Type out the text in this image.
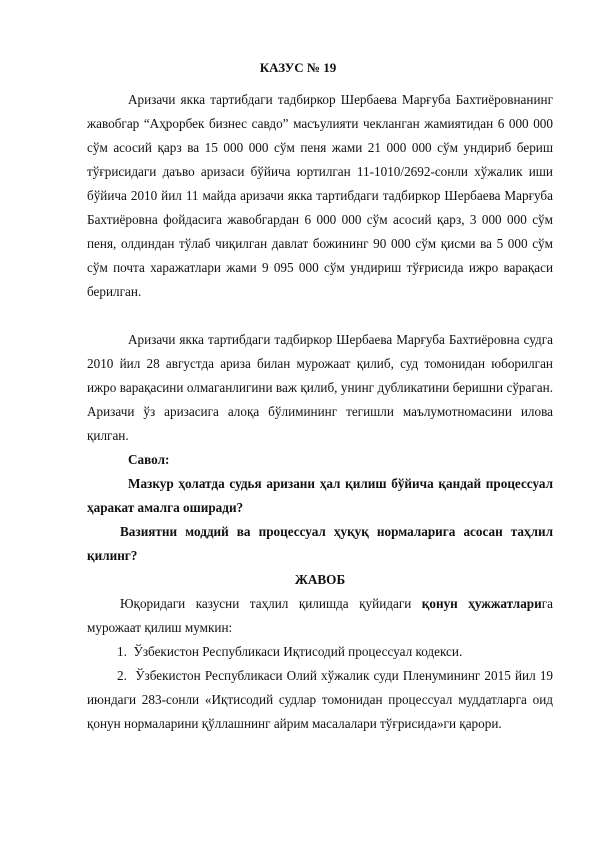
КАЗУС № 19

Аризачи якка тартибдаги тадбиркор Шербаева Марғуба Бахтиёровнанинг жавобгар “Аҳрорбек бизнес савдо” масъулияти чекланган жамиятидан 6 000 000 сўм асосий қарз ва 15 000 000 сўм пеня жами 21 000 000 сўм ундириб бериш тўғрисидаги даъво аризаси бўйича юртилган 11-1010/2692-сонли хўжалик иши бўйича 2010 йил 11 майда аризачи якка тартибдаги тадбиркор Шербаева Марғуба Бахтиёровна фойдасига жавобгардан 6 000 000 сўм асосий қарз, 3 000 000 сўм пеня, олдиндан тўлаб чиқилган давлат божининг 90 000 сўм қисми ва 5 000 сўм сўм почта харажатлари жами 9 095 000 сўм ундириш тўғрисида ижро варақаси берилган.

Аризачи якка тартибдаги тадбиркор Шербаева Марғуба Бахтиёровна судга 2010 йил 28 августда ариза билан мурожаат қилиб, суд томонидан юборилган ижро варақасини олмаганлигини важ қилиб, унинг дубликатини беришни сўраган. Аризачи ўз аризасига алоқа бўлимининг тегишли маълумотномасини илова қилган.

Савол:

Мазкур ҳолатда судья аризани ҳал қилиш бўйича қандай процессуал ҳаракат амалга оширади?

Вазиятни моддий ва процессуал ҳуқуқ нормаларига асосан таҳлил қилинг?

ЖАВОБ

Юқоридаги казусни таҳлил қилишда қуйидаги қонун ҳужжатларига мурожаат қилиш мумкин:

1. Ўзбекистон Республикаси Иқтисодий процессуал кодекси.

2. Ўзбекистон Республикаси Олий хўжалик суди Пленумининг 2015 йил 19 июндаги 283-сонли «Иқтисодий судлар томонидан процессуал муддатларга оид қонун нормаларини қўллашнинг айрим масалалари тўғрисида»ги қарори.
